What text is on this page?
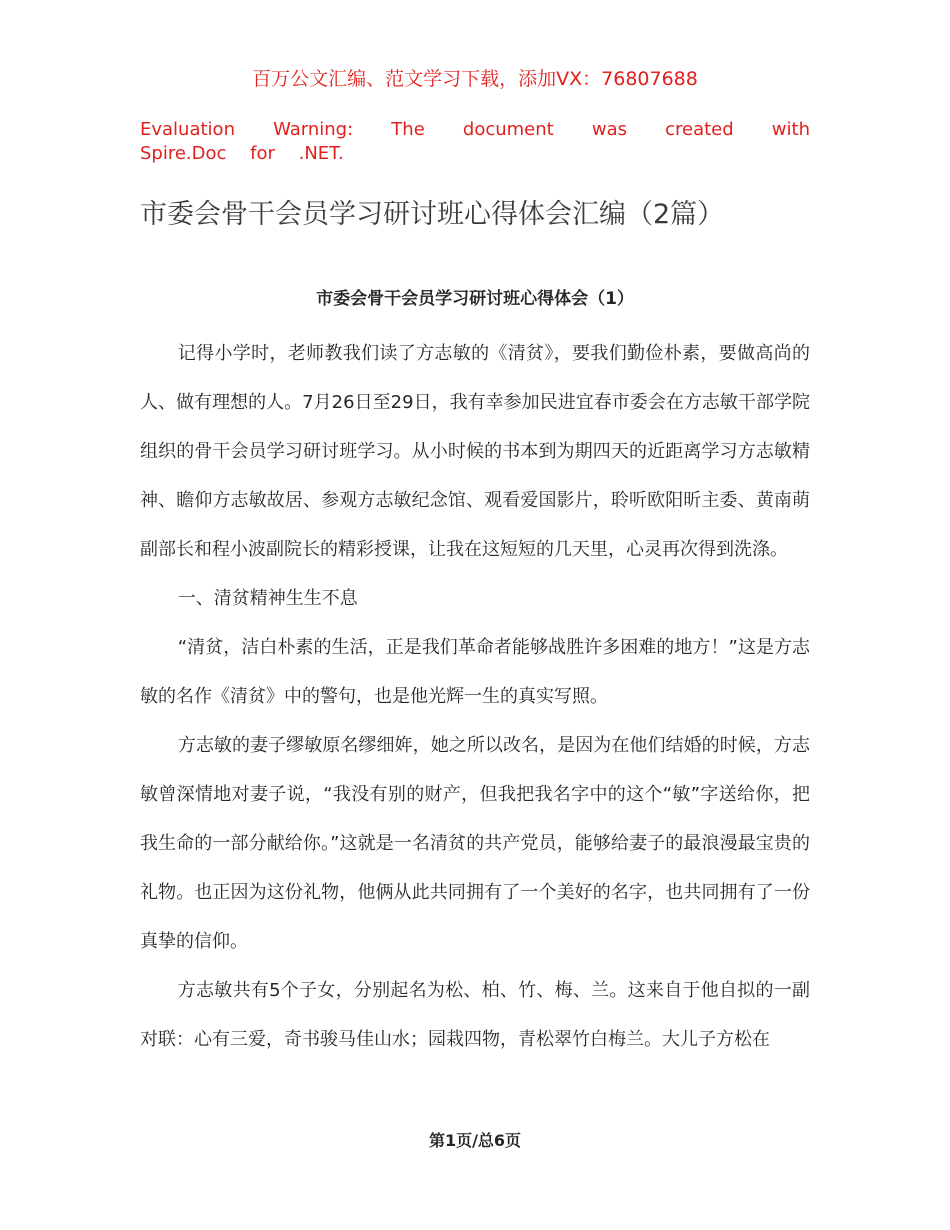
百万公文汇编、范文学习下载，添加VX：76807688
Evaluation Warning: The document was created with Spire.Doc for .NET.
市委会骨干会员学习研讨班心得体会汇编（2篇）
市委会骨干会员学习研讨班心得体会（1）

记得小学时，老师教我们读了方志敏的《清贫》，要我们勤俭朴素，要做高尚的人、做有理想的人。7月26日至29日，我有幸参加民进宜春市委会在方志敏干部学院组织的骨干会员学习研讨班学习。从小时候的书本到为期四天的近距离学习方志敏精神、瞻仰方志敏故居、参观方志敏纪念馆、观看爱国影片，聆听欧阳昕主委、黄南萌副部长和程小波副院长的精彩授课，让我在这短短的几天里，心灵再次得到洗涤。

一、清贫精神生生不息

“清贫，洁白朴素的生活，正是我们革命者能够战胜许多困难的地方！”这是方志敏的名作《清贫》中的警句，也是他光辉一生的真实写照。

方志敏的妻子缪敏原名缪细姩，她之所以改名，是因为在他们结婚的时候，方志敏曾深情地对妻子说，“我没有别的财产，但我把我名字中的这个“敏”字送给你，把我生命的一部分献给你。”这就是一名清贫的共产党员，能够给妻子的最浪漫最宝贵的礼物。也正因为这份礼物，他俩从此共同拥有了一个美好的名字，也共同拥有了一份真挚的信仰。

方志敏共有5个子女，分别起名为松、柏、竹、梅、兰。这来自于他自拟的一副对联：心有三爱，奇书骏马佳山水；园栽四物，青松翠竹白梅兰。大儿子方松在

第1页/总6页
